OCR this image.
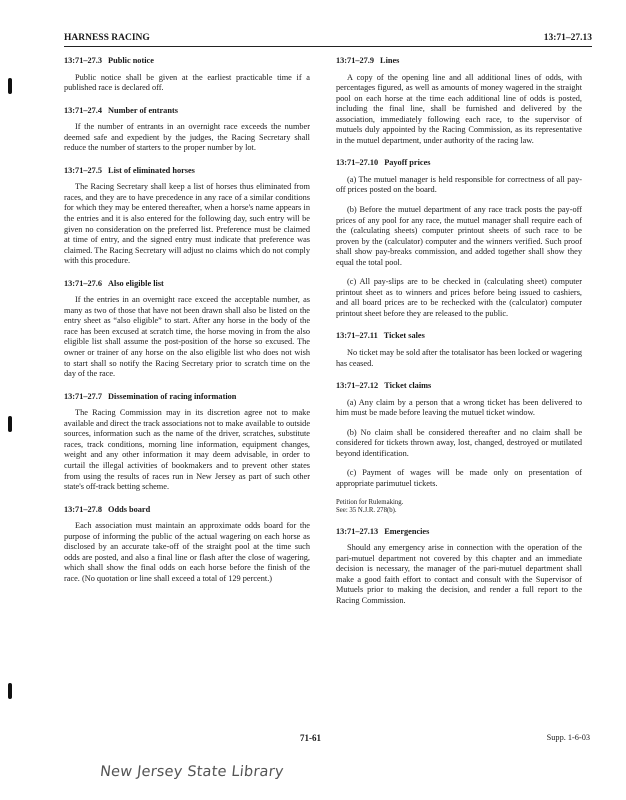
HARNESS RACING	13:71–27.13
13:71–27.3 Public notice

Public notice shall be given at the earliest practicable time if a published race is declared off.

13:71–27.4 Number of entrants

If the number of entrants in an overnight race exceeds the number deemed safe and expedient by the judges, the Racing Secretary shall reduce the number of starters to the proper number by lot.

13:71–27.5 List of eliminated horses

The Racing Secretary shall keep a list of horses thus eliminated from races, and they are to have precedence in any race of a similar conditions for which they may be entered thereafter, when a horse's name appears in the entries and it is also entered for the following day, such entry will be given no consideration on the preferred list. Preference must be claimed at time of entry, and the signed entry must indicate that preference was claimed. The Racing Secretary will adjust no claims which do not comply with this procedure.

13:71–27.6 Also eligible list

If the entries in an overnight race exceed the acceptable number, as many as two of those that have not been drawn shall also be listed on the entry sheet as “also eligible” to start. After any horse in the body of the race has been excused at scratch time, the horse moving in from the also eligible list shall assume the post-position of the horse so excused. The owner or trainer of any horse on the also eligible list who does not wish to start shall so notify the Racing Secretary prior to scratch time on the day of the race.

13:71–27.7 Dissemination of racing information

The Racing Commission may in its discretion agree not to make available and direct the track associations not to make available to outside sources, information such as the name of the driver, scratches, substitute races, track conditions, morning line information, equipment changes, weight and any other information it may deem advisable, in order to curtail the illegal activities of bookmakers and to prevent other states from using the results of races run in New Jersey as part of such other state's off-track betting scheme.

13:71–27.8 Odds board

Each association must maintain an approximate odds board for the purpose of informing the public of the actual wagering on each horse as disclosed by an accurate take-off of the straight pool at the time such odds are posted, and also a final line or flash after the close of wagering, which shall show the final odds on each horse before the finish of the race. (No quotation or line shall exceed a total of 129 percent.)

13:71–27.9 Lines

A copy of the opening line and all additional lines of odds, with percentages figured, as well as amounts of money wagered in the straight pool on each horse at the time each additional line of odds is posted, including the final line, shall be furnished and delivered by the association, immediately following each race, to the supervisor of mutuels duly appointed by the Racing Commission, as its representative in the mutuel department, under authority of the racing law.

13:71–27.10 Payoff prices

(a) The mutuel manager is held responsible for correctness of all pay-off prices posted on the board.

(b) Before the mutuel department of any race track posts the pay-off prices of any pool for any race, the mutuel manager shall require each of the (calculating sheets) computer printout sheets of such race to be proven by the (calculator) computer and the winners verified. Such proof shall show pay-breaks commission, and added together shall show they equal the total pool.

(c) All pay-slips are to be checked in (calculating sheet) computer printout sheet as to winners and prices before being issued to cashiers, and all board prices are to be rechecked with the (calculator) computer printout sheet before they are released to the public.

13:71–27.11 Ticket sales

No ticket may be sold after the totalisator has been locked or wagering has ceased.

13:71–27.12 Ticket claims

(a) Any claim by a person that a wrong ticket has been delivered to him must be made before leaving the mutuel ticket window.

(b) No claim shall be considered thereafter and no claim shall be considered for tickets thrown away, lost, changed, destroyed or mutilated beyond identification.

(c) Payment of wages will be made only on presentation of appropriate parimutuel tickets.

Petition for Rulemaking.
See: 35 N.J.R. 278(b).
13:71–27.13 Emergencies

Should any emergency arise in connection with the operation of the pari-mutuel department not covered by this chapter and an immediate decision is necessary, the manager of the pari-mutuel department shall make a good faith effort to contact and consult with the Supervisor of Mutuels prior to making the decision, and render a full report to the Racing Commission.

71-61	Supp. 1-6-03
New Jersey State Library
